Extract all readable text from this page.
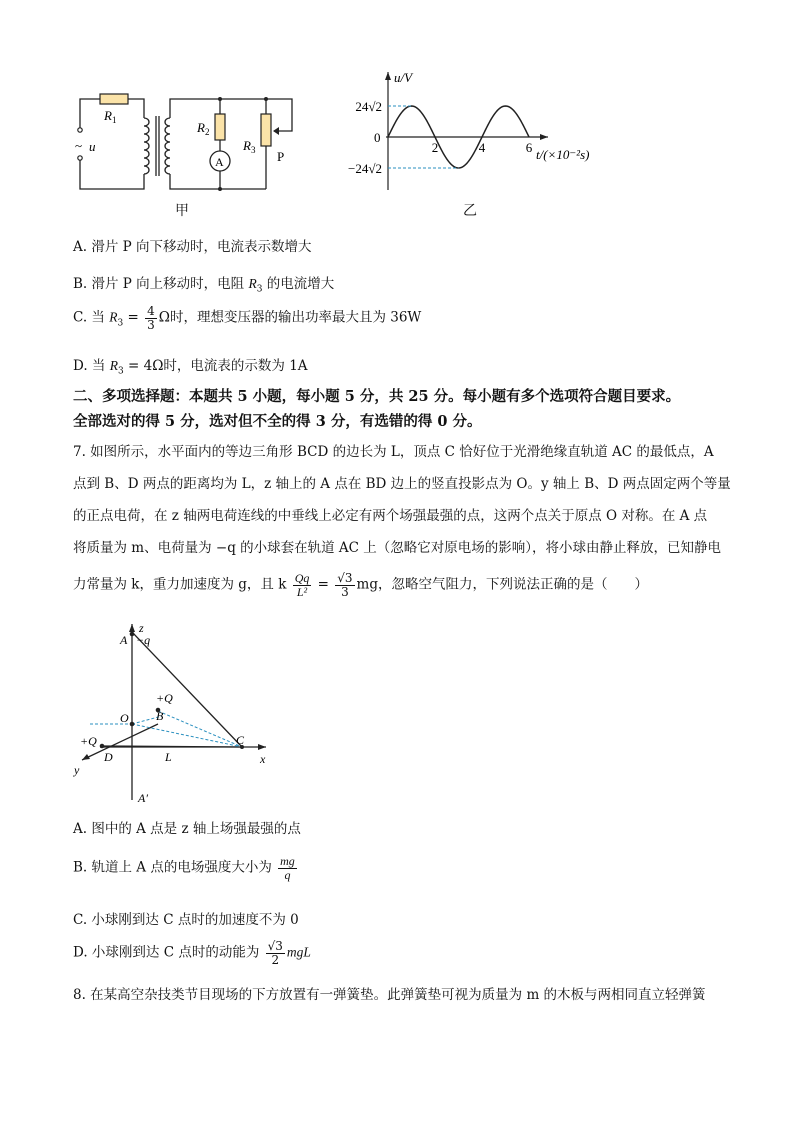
$R_1$	$R_2$
$R_3$
A	P
~ u
甲
u/V
0
2	4	6 t/(×10⁻²s)
24√2
−24√2
乙
A. 滑片 P 向下移动时，电流表示数增大
B. 滑片 P 向上移动时，电阻 $R_3$ 的电流增大
C. 当 $R_3 = \frac{4}{3}$ Ω时，理想变压器的输出功率最大且为 36W
D. 当 $R_3 = 4\Omega$时，电流表的示数为 1A
二、多项选择题：本题共 5 小题，每小题 5 分，共 25 分。每小题有多个选项符合题目要求。
全部选对的得 5 分，选对但不全的得 3 分，有选错的得 0 分。
7. 如图所示，水平面内的等边三角形 BCD 的边长为 L，顶点 C 恰好位于光滑绝缘直轨道 AC 的最低点，A
点到 B、D 两点的距离均为 L，z 轴上的 A 点在 BD 边上的竖直投影点为 O。y 轴上 B、D 两点固定两个等量
的正点电荷，在 z 轴两电荷连线的中垂线上必定有两个场强最强的点，这两个点关于原点 O 对称。在 A 点
将质量为 m、电荷量为 −q 的小球套在轨道 AC 上（忽略它对原电场的影响），将小球由静止释放，已知静电
力常量为 k，重力加速度为 g，且 k $\frac{Qq}{\text{L²}} = \frac{√3}{3}$ mg，忽略空气阻力，下列说法正确的是（　　）
z
A −q
+Q
B
O
C
+Q
D	L	x
y
A′
A. 图中的 A 点是 z 轴上场强最强的点
B. 轨道上 A 点的电场强度大小为 $\frac{mg}{q}$
C. 小球刚到达 C 点时的加速度不为 0
D. 小球刚到达 C 点时的动能为 $\frac{√3}{2}$ mgL
8. 在某高空杂技类节目现场的下方放置有一弹簧垫。此弹簧垫可视为质量为 m 的木板与两相同直立轻弹簧
